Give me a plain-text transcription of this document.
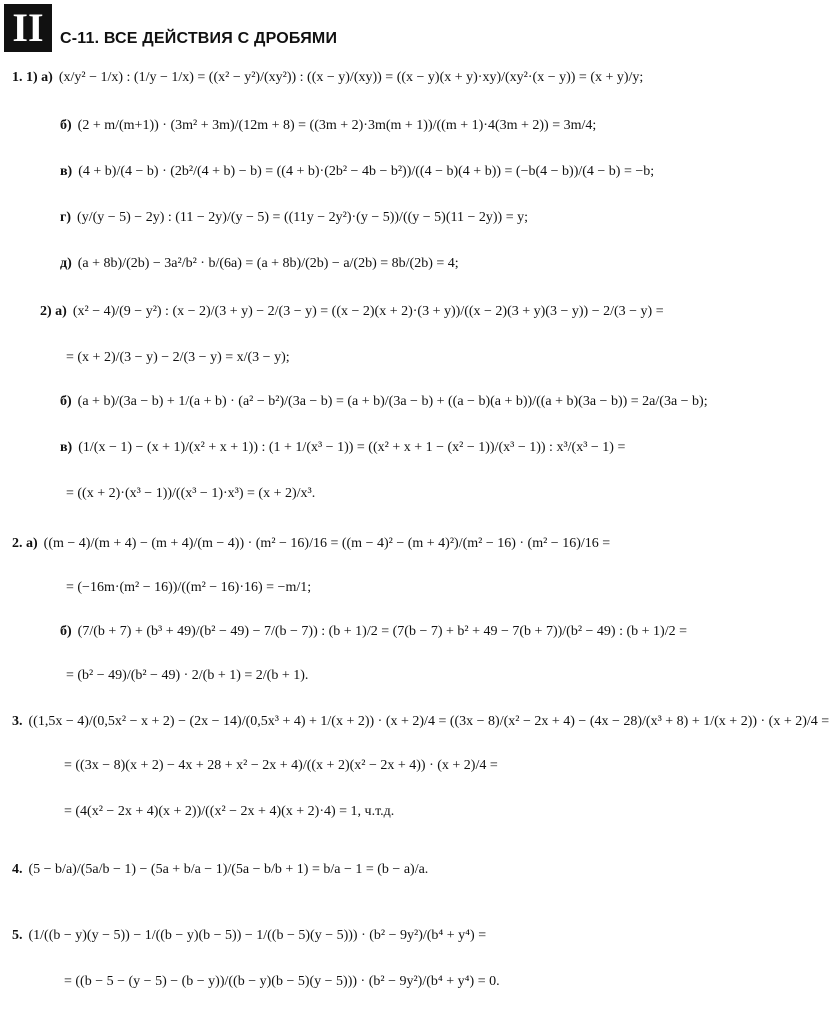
II	С-11. ВСЕ ДЕЙСТВИЯ С ДРОБЯМИ
1. 1) а) (x/y² − 1/x) : (1/y − 1/x) = ((x² − y²)/(xy²)) : ((x − y)/(xy)) = ((x − y)(x + y)·xy)/(xy²·(x − y)) = (x + y)/y;
б) (2 + m/(m+1)) · (3m² + 3m)/(12m + 8) = ((3m + 2)·3m(m + 1))/((m + 1)·4(3m + 2)) = 3m/4;
в) (4 + b)/(4 − b) · (2b²/(4 + b) − b) = ((4 + b)·(2b² − 4b − b²))/((4 − b)(4 + b)) = (−b(4 − b))/(4 − b) = −b;
г) (y/(y − 5) − 2y) : (11 − 2y)/(y − 5) = ((11y − 2y²)·(y − 5))/((y − 5)(11 − 2y)) = y;
д) (a + 8b)/(2b) − 3a²/b² · b/(6a) = (a + 8b)/(2b) − a/(2b) = 8b/(2b) = 4;
2) а) (x² − 4)/(9 − y²) : (x − 2)/(3 + y) − 2/(3 − y) = ((x − 2)(x + 2)·(3 + y))/((x − 2)(3 + y)(3 − y)) − 2/(3 − y) =
= (x + 2)/(3 − y) − 2/(3 − y) = x/(3 − y);
б) (a + b)/(3a − b) + 1/(a + b) · (a² − b²)/(3a − b) = (a + b)/(3a − b) + ((a − b)(a + b))/((a + b)(3a − b)) = 2a/(3a − b);
в) (1/(x − 1) − (x + 1)/(x² + x + 1)) : (1 + 1/(x³ − 1)) = ((x² + x + 1 − (x² − 1))/(x³ − 1)) : x³/(x³ − 1) =
= ((x + 2)·(x³ − 1))/((x³ − 1)·x³) = (x + 2)/x³.
2. а) ((m − 4)/(m + 4) − (m + 4)/(m − 4)) · (m² − 16)/16 = ((m − 4)² − (m + 4)²)/(m² − 16) · (m² − 16)/16 =
= (−16m·(m² − 16))/((m² − 16)·16) = −m/1;
б) (7/(b + 7) + (b³ + 49)/(b² − 49) − 7/(b − 7)) : (b + 1)/2 = (7(b − 7) + b² + 49 − 7(b + 7))/(b² − 49) : (b + 1)/2 =
= (b² − 49)/(b² − 49) · 2/(b + 1) = 2/(b + 1).
3. ((1,5x − 4)/(0,5x² − x + 2) − (2x − 14)/(0,5x³ + 4) + 1/(x + 2)) · (x + 2)/4 = ((3x − 8)/(x² − 2x + 4) − (4x − 28)/(x³ + 8) + 1/(x + 2)) · (x + 2)/4 =
= ((3x − 8)(x + 2) − 4x + 28 + x² − 2x + 4)/((x + 2)(x² − 2x + 4)) · (x + 2)/4 =
= (4(x² − 2x + 4)(x + 2))/((x² − 2x + 4)(x + 2)·4) = 1, ч.т.д.
4. (5 − b/a)/(5a/b − 1) − (5a + b/a − 1)/(5a − b/b + 1) = b/a − 1 = (b − a)/a.
5. (1/((b − y)(y − 5)) − 1/((b − y)(b − 5)) − 1/((b − 5)(y − 5))) · (b² − 9y²)/(b⁴ + y⁴) =
= ((b − 5 − (y − 5) − (b − y))/((b − y)(b − 5)(y − 5))) · (b² − 9y²)/(b⁴ + y⁴) = 0.
